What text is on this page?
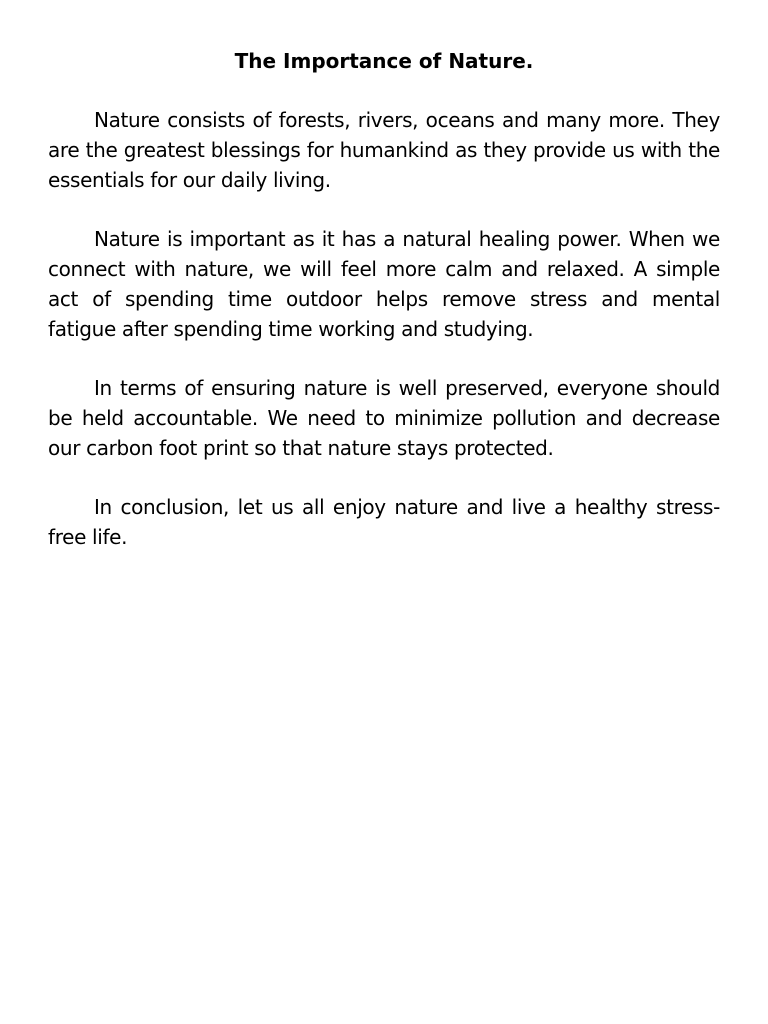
The Importance of Nature.

Nature consists of forests, rivers, oceans and many more. They are the greatest blessings for humankind as they provide us with the essentials for our daily living.

Nature is important as it has a natural healing power. When we connect with nature, we will feel more calm and relaxed. A simple act of spending time outdoor helps remove stress and mental fatigue after spending time working and studying.

In terms of ensuring nature is well preserved, everyone should be held accountable. We need to minimize pollution and decrease our carbon foot print so that nature stays protected.

In conclusion, let us all enjoy nature and live a healthy stress-free life.
